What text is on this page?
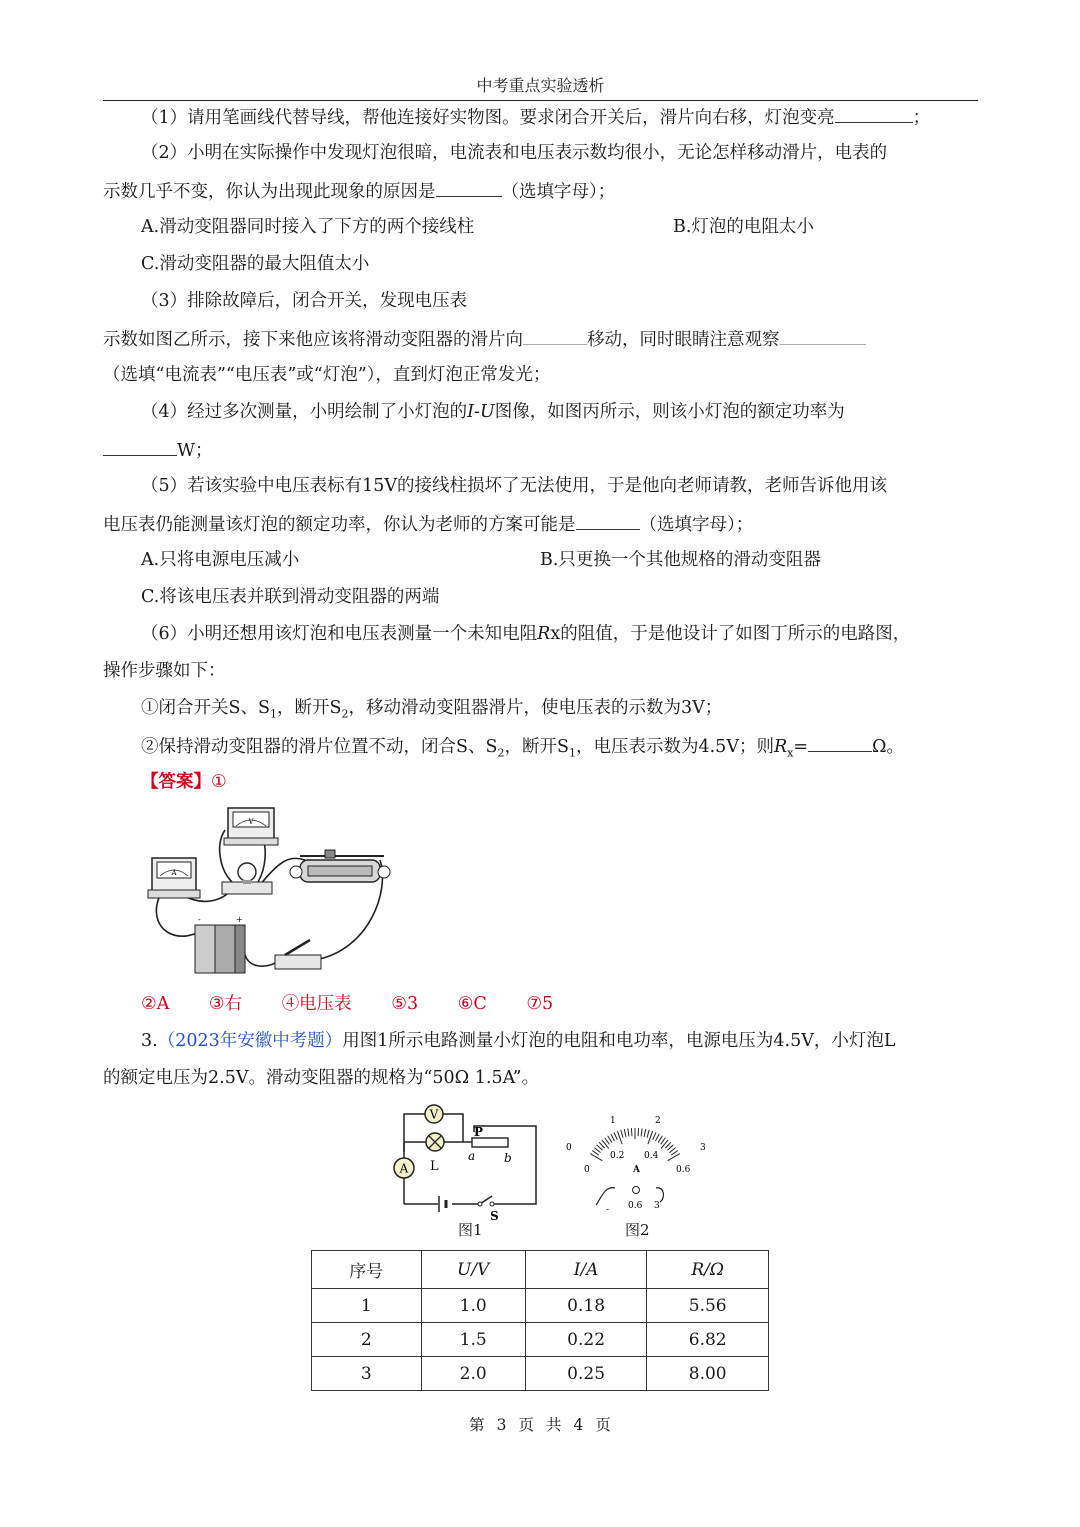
中考重点实验透析
（1）请用笔画线代替导线，帮他连接好实物图。要求闭合开关后，滑片向右移，灯泡变亮	；
（2）小明在实际操作中发现灯泡很暗，电流表和电压表示数均很小，无论怎样移动滑片，电表的
示数几乎不变，你认为出现此现象的原因是	（选填字母）；
A.滑动变阻器同时接入了下方的两个接线柱	B.灯泡的电阻太小
C.滑动变阻器的最大阻值太小
（3）排除故障后，闭合开关，发现电压表
示数如图乙所示，接下来他应该将滑动变阻器的滑片向	移动，同时眼睛注意观察
（选填“电流表”“电压表”或“灯泡”），直到灯泡正常发光；
（4）经过多次测量，小明绘制了小灯泡的I-U图像，如图丙所示，则该小灯泡的额定功率为
W；
（5）若该实验中电压表标有15V的接线柱损坏了无法使用，于是他向老师请教，老师告诉他用该
电压表仍能测量该灯泡的额定功率，你认为老师的方案可能是	（选填字母）；
A.只将电源电压减小	B.只更换一个其他规格的滑动变阻器
C.将该电压表并联到滑动变阻器的两端
（6）小明还想用该灯泡和电压表测量一个未知电阻Rx的阻值，于是他设计了如图丁所示的电路图，
操作步骤如下：
①闭合开关S、$S_1$，断开$S_2$，移动滑动变阻器滑片，使电压表的示数为3V；
②保持滑动变阻器的滑片位置不动，闭合S、$S_2$，断开$S_1$，电压表示数为4.5V；则$R_x=$	Ω。
【答案】①
A
V
-	+
②A ③右 ④电压表 ⑤3 ⑥C ⑦5
3.（2023年安徽中考题）用图1所示电路测量小灯泡的电阻和电功率，电源电压为4.5V，小灯泡L
的额定电压为2.5V。滑动变阻器的规格为“50Ω 1.5A”。
V
A L
P
a b
S
图1
0
1	2
3
0
0.2 0.4
0.6
A
- 0.6 3
图2
序号	U/V	I/A	R/Ω
1	1.0	0.18	5.56
2	1.5	0.22	6.82
3	2.0	0.25	8.00
第 3 页 共 4 页
